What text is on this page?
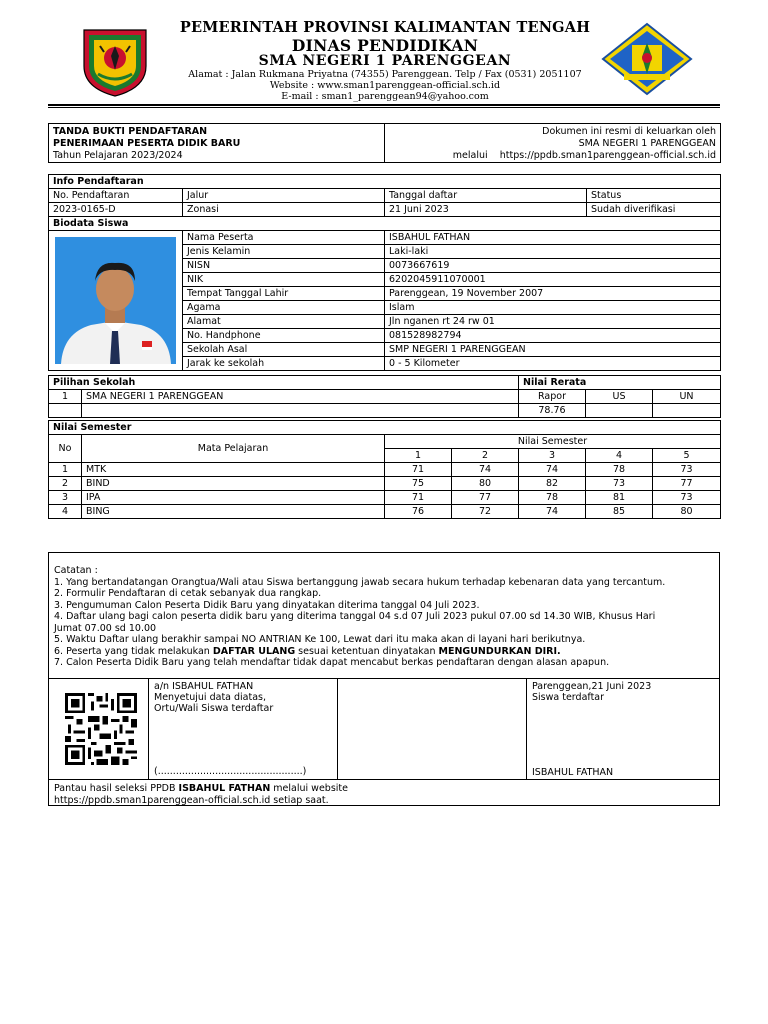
PEMERINTAH PROVINSI KALIMANTAN TENGAH
DINAS PENDIDIKAN
SMA NEGERI 1 PARENGGEAN
Alamat : Jalan Rukmana Priyatna (74355) Parenggean. Telp / Fax (0531) 2051107
Website : www.sman1parenggean-official.sch.id
E-mail : sman1_parenggean94@yahoo.com
TANDA BUKTI PENDAFTARAN
PENERIMAAN PESERTA DIDIK BARU
Tahun Pelajaran 2023/2024

Dokumen ini resmi di keluarkan oleh
SMA NEGERI 1 PARENGGEAN
melalui    https://ppdb.sman1parenggean-official.sch.id
Info Pendaftaran			
No. Pendaftaran	Jalur	Tanggal daftar	Status
2023-0165-D	Zonasi	21 Juni 2023	Sudah diverifikasi
Biodata Siswa			

	Nama Peserta	ISBAHUL FATHAN	
	Jenis Kelamin	Laki-laki	
	NISN	0073667619	
	NIK	6202045911070001	
	Tempat Tanggal Lahir	Parenggean, 19 November 2007	
	Agama	Islam	
	Alamat	Jln nganen rt 24 rw 01	
	No. Handphone	081528982794	
	Sekolah Asal	SMP NEGERI 1 PARENGGEAN	
	Jarak ke sekolah	0 - 5 Kilometer	
Pilihan Sekolah		Nilai Rerata		
1	SMA NEGERI 1 PARENGGEAN	Rapor	US	UN
		78.76		
Nilai Semester						
No	Mata Pelajaran	Nilai Semester				
		1	2	3	4	5
1	MTK	71	74	74	78	73
2	BIND	75	80	82	73	77
3	IPA	71	77	78	81	73
4	BING	76	72	74	85	80

Catatan :

1. Yang bertandatangan Orangtua/Wali atau Siswa bertanggung jawab secara hukum terhadap kebenaran data yang tercantum.

2. Formulir Pendaftaran di cetak sebanyak dua rangkap.

3. Pengumuman Calon Peserta Didik Baru yang dinyatakan diterima tanggal 04 Juli 2023.

4. Daftar ulang bagi calon peserta didik baru yang diterima tanggal 04 s.d 07 Juli 2023 pukul 07.00 sd 14.30 WIB, Khusus Hari

Jumat 07.00 sd 10.00

5. Waktu Daftar ulang berakhir sampai NO ANTRIAN Ke 100, Lewat dari itu maka akan di layani hari berikutnya.

6. Peserta yang tidak melakukan DAFTAR ULANG sesuai ketentuan dinyatakan MENGUNDURKAN DIRI.

7. Calon Peserta Didik Baru yang telah mendaftar tidak dapat mencabut berkas pendaftaran dengan alasan apapun.

a/n ISBAHUL FATHAN
Menyetujui data diatas,
Ortu/Wali Siswa terdaftar
(................................................)
Parenggean,21 Juni 2023
Siswa terdaftar
ISBAHUL FATHAN
Pantau hasil seleksi PPDB ISBAHUL FATHAN melalui website
https://ppdb.sman1parenggean-official.sch.id setiap saat.
